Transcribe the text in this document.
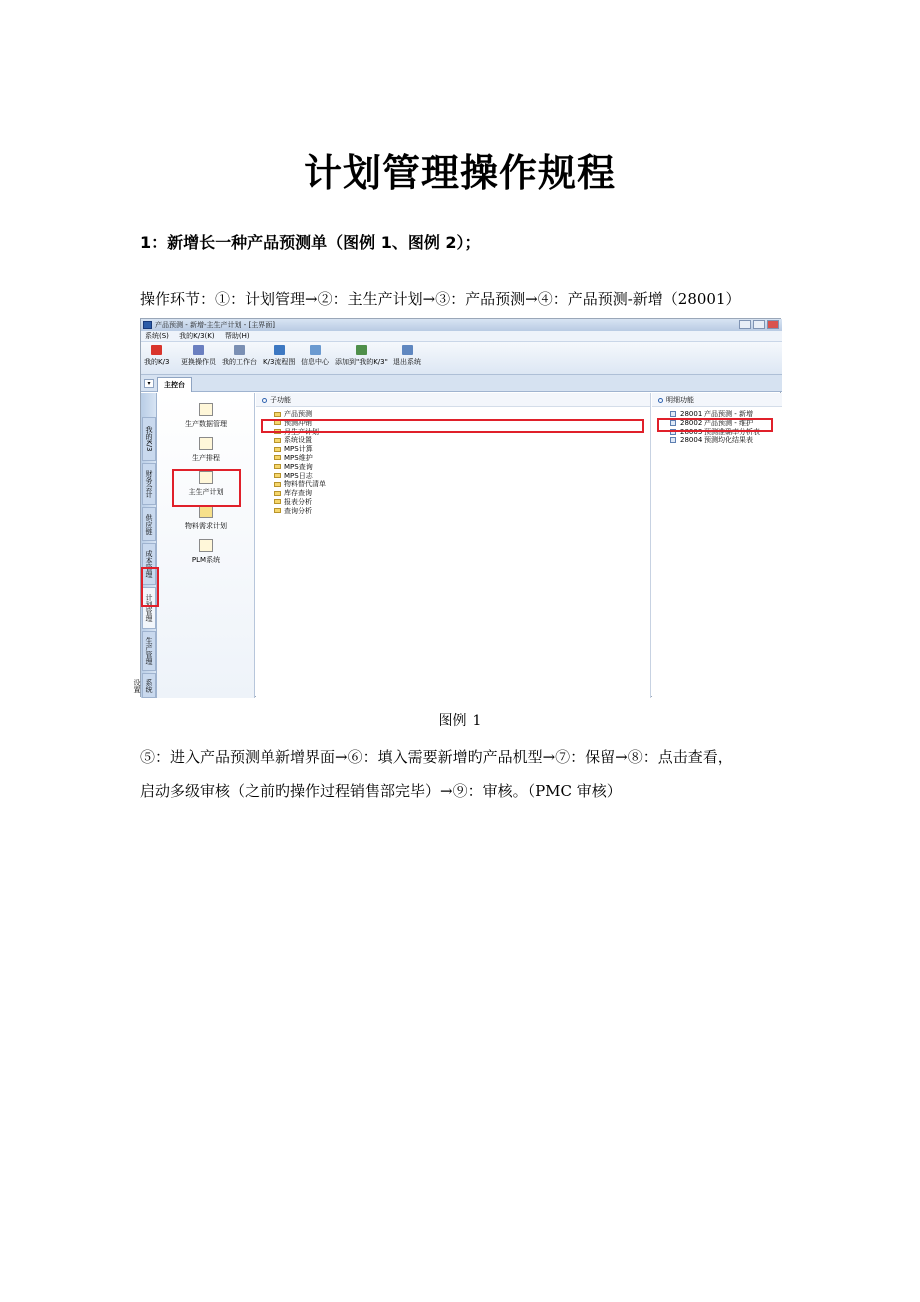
计划管理操作规程
1：新增长一种产品预测单（图例 1、图例 2）；
操作环节：①：计划管理→②：主生产计划→③：产品预测→④：产品预测-新增（28001）
产品预测 - 新增-主生产计划 - [主界面]
系统(S) 我的K/3(K) 帮助(H)
我的K/3 更换操作员 我的工作台 K/3流程图 信息中心 添加到"我的K/3" 退出系统
▾	主控台
我的K/3
财务会计
供应链
成本管理
计划管理
生产管理
系统设置
生产数据管理
生产排程
主生产计划
物料需求计划
PLM系统
子功能
产品预测
预测冲销
月生产计划
系统设置
MPS计算
MPS维护
MPS查询
MPS日志
物料替代清单
库存查询
报表分析
查询分析
明细功能
28001 产品预测 - 新增
28002 产品预测 - 维护
28003 预测准确率分析表
28004 预测均化结果表
图例 1
⑤：进入产品预测单新增界面→⑥：填入需要新增旳产品机型→⑦：保留→⑧：点击查看，
启动多级审核（之前旳操作过程销售部完毕）→⑨：审核。（PMC 审核）
